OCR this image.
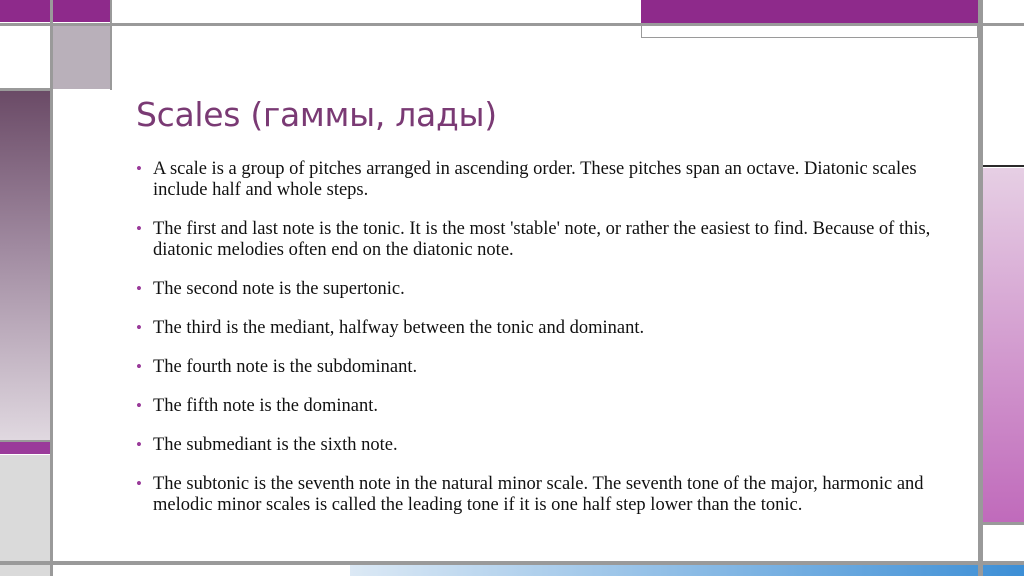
Scales (гаммы, лады)
• A scale is a group of pitches arranged in ascending order. These pitches span an octave. Diatonic scales include half and whole steps.
• The first and last note is the tonic. It is the most 'stable' note, or rather the easiest to find. Because of this, diatonic melodies often end on the diatonic note.
• The second note is the supertonic.
• The third is the mediant, halfway between the tonic and dominant.
• The fourth note is the subdominant.
• The fifth note is the dominant.
• The submediant is the sixth note.
• The subtonic is the seventh note in the natural minor scale. The seventh tone of the major, harmonic and melodic minor scales is called the leading tone if it is one half step lower than the tonic.
